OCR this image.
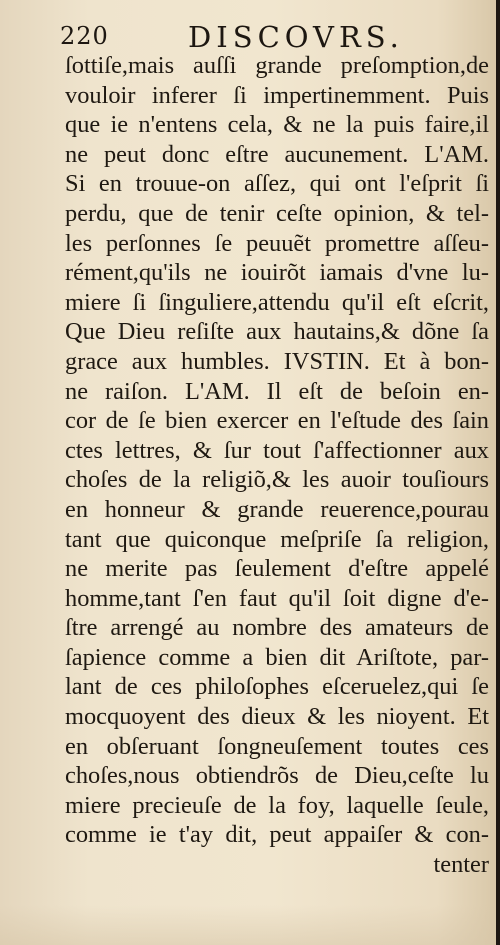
220	DISCOVRS.
ſottiſe,mais auſſi grande preſomption,de
vouloir inferer ſi impertinemment. Puis
que ie n'entens cela, & ne la puis faire,il
ne peut donc eſtre aucunement. L'AM.
Si en trouue-on aſſez, qui ont l'eſprit ſi
perdu, que de tenir ceſte opinion, & tel-
les perſonnes ſe peuuẽt promettre aſſeu-
rément,qu'ils ne iouirõt iamais d'vne lu-
miere ſi ſinguliere,attendu qu'il eſt eſcrit,
Que Dieu reſiſte aux hautains,& dõne ſa
grace aux humbles. IVSTIN. Et à bon-
ne raiſon. L'AM. Il eſt de beſoin en-
cor de ſe bien exercer en l'eſtude des ſain
ctes lettres, & ſur tout ſ'affectionner aux
choſes de la religiõ,& les auoir touſiours
en honneur & grande reuerence,pourau
tant que quiconque meſpriſe ſa religion,
ne merite pas ſeulement d'eſtre appelé
homme,tant ſ'en faut qu'il ſoit digne d'e-
ſtre arrengé au nombre des amateurs de
ſapience comme a bien dit Ariſtote, par-
lant de ces philoſophes eſceruelez,qui ſe
mocquoyent des dieux & les nioyent. Et
en obſeruant ſongneuſement toutes ces
choſes,nous obtiendrõs de Dieu,ceſte lu
miere precieuſe de la foy, laquelle ſeule,
comme ie t'ay dit, peut appaiſer & con-
tenter
